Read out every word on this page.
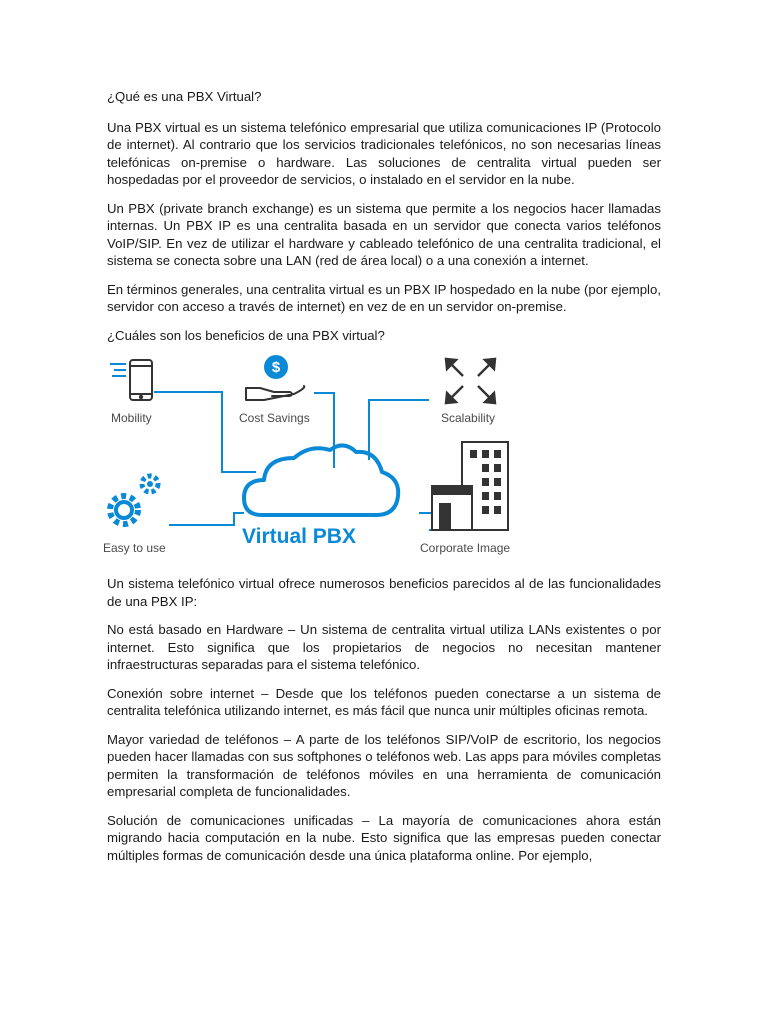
¿Qué es una PBX Virtual?

Una PBX virtual es un sistema telefónico empresarial que utiliza comunicaciones IP (Protocolo de internet). Al contrario que los servicios tradicionales telefónicos, no son necesarias líneas telefónicas on-premise o hardware. Las soluciones de centralita virtual pueden ser hospedadas por el proveedor de servicios, o instalado en el servidor en la nube.

Un PBX (private branch exchange) es un sistema que permite a los negocios hacer llamadas internas. Un PBX IP es una centralita basada en un servidor que conecta varios teléfonos VoIP/SIP. En vez de utilizar el hardware y cableado telefónico de una centralita tradicional, el sistema se conecta sobre una LAN (red de área local) o a una conexión a internet.

En términos generales, una centralita virtual es un PBX IP hospedado en la nube (por ejemplo, servidor con acceso a través de internet) en vez de en un servidor on-premise.

¿Cuáles son los beneficios de una PBX virtual?

$
Mobility	Cost Savings	Scalability
Easy to use	Corporate Image
Virtual PBX

Un sistema telefónico virtual ofrece numerosos beneficios parecidos al de las funcionalidades de una PBX IP:

No está basado en Hardware – Un sistema de centralita virtual utiliza LANs existentes o por internet. Esto significa que los propietarios de negocios no necesitan mantener infraestructuras separadas para el sistema telefónico.

Conexión sobre internet – Desde que los teléfonos pueden conectarse a un sistema de centralita telefónica utilizando internet, es más fácil que nunca unir múltiples oficinas remota.

Mayor variedad de teléfonos – A parte de los teléfonos SIP/VoIP de escritorio, los negocios pueden hacer llamadas con sus softphones o teléfonos web. Las apps para móviles completas permiten la transformación de teléfonos móviles en una herramienta de comunicación empresarial completa de funcionalidades.

Solución de comunicaciones unificadas – La mayoría de comunicaciones ahora están migrando hacia computación en la nube. Esto significa que las empresas pueden conectar múltiples formas de comunicación desde una única plataforma online. Por ejemplo,
